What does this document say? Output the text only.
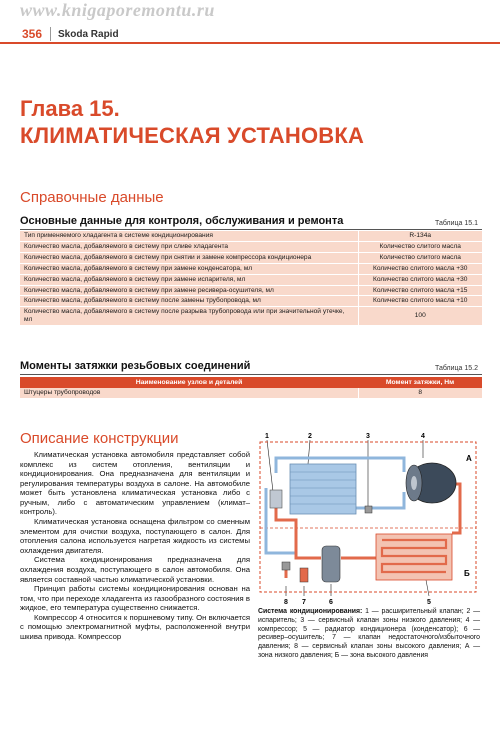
www.knigaporemontu.ru
356 Skoda Rapid
Глава 15.
КЛИМАТИЧЕСКАЯ УСТАНОВКА
Справочные данные
Основные данные для контроля, обслуживания и ремонта	Таблица 15.1
Тип применяемого хладагента в системе кондиционирования	R-134a
Количество масла, добавляемого в систему при сливе хладагента	Количество слитого масла
Количество масла, добавляемого в систему при снятии и замене компрессора кондиционера	Количество слитого масла
Количество масла, добавляемого в систему при замене конденсатора, мл	Количество слитого масла +30
Количество масла, добавляемого в систему при замене испарителя, мл	Количество слитого масла +30
Количество масла, добавляемого в систему при замене ресивера-осушителя, мл	Количество слитого масла +15
Количество масла, добавляемого в систему после замены трубопровода, мл	Количество слитого масла +10
Количество масла, добавляемого в систему после разрыва трубопровода или при значительной утечке, мл	100
Моменты затяжки резьбовых соединений	Таблица 15.2
Наименование узлов и деталей	Момент затяжки, Нм
Штуцеры трубопроводов	8
Описание конструкции

Климатическая установка автомобиля представляет собой комплекс из систем отопления, вентиляции и кондиционирования. Она предназначена для вентиляции и регулирования температуры воздуха в салоне. На автомобиле может быть установлена климатическая установка либо с ручным, либо с автоматическим управлением (климат–контроль).

Климатическая установка оснащена фильтром со сменным элементом для очистки воздуха, поступающего в салон. Для отопления салона используется нагретая жидкость из системы охлаждения двигателя.

Система кондиционирования предназначена для охлаждения воздуха, поступающего в салон автомобиля. Она является составной частью климатической установки.

Принцип работы системы кондиционирования основан на том, что при переходе хладагента из газообразного состояния в жидкое, его температура существенно снижается.

Компрессор 4 относится к поршневому типу. Он включается с помощью электромагнитной муфты, расположенной внутри шкива привода. Компрессор

1	2	3	4
5
6
7
8
А
Б
Система кондиционирования: 1 — расширительный клапан; 2 — испаритель; 3 — сервисный клапан зоны низкого давления; 4 — компрессор; 5 — радиатор кондиционера (конденсатор); 6 — ресивер–осушитель; 7 — клапан недостаточного/избыточного давления; 8 — сервисный клапан зоны высокого давления; А — зона низкого давления; Б — зона высокого давления
